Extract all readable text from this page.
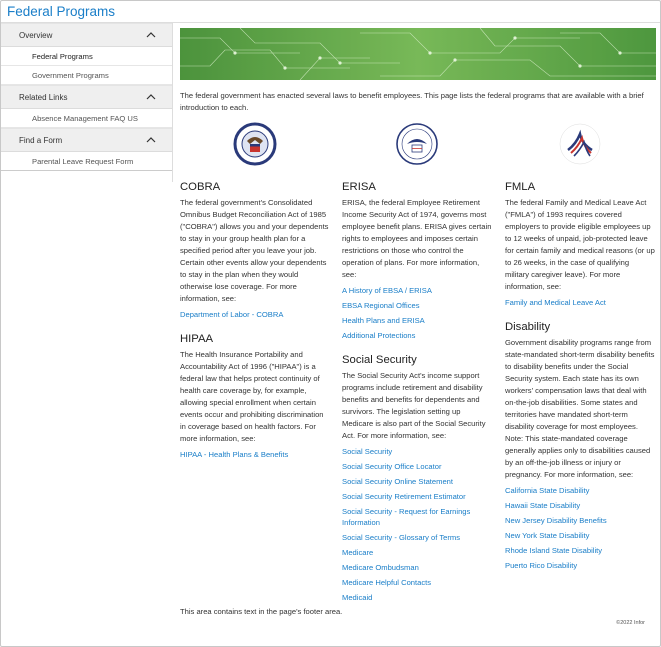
Federal Programs
Overview
Federal Programs
Government Programs
Related Links
Absence Management FAQ US
Find a Form
Parental Leave Request Form

The federal government has enacted several laws to benefit employees. This page lists the federal programs that are available with a brief introduction to each.

COBRA

The federal government's Consolidated Omnibus Budget Reconciliation Act of 1985 ("COBRA") allows you and your dependents to stay in your group health plan for a specified period after you leave your job. Certain other events allow your dependents to stay in the plan when they would otherwise lose coverage. For more information, see:

Department of Labor - COBRA
HIPAA

The Health Insurance Portability and Accountability Act of 1996 ("HIPAA") is a federal law that helps protect continuity of health care coverage by, for example, allowing special enrollment when certain events occur and prohibiting discrimination in coverage based on health factors. For more information, see:

HIPAA - Health Plans & Benefits
ERISA

ERISA, the federal Employee Retirement Income Security Act of 1974, governs most employee benefit plans. ERISA gives certain rights to employees and imposes certain restrictions on those who control the operation of plans. For more information, see:

A History of EBSA / ERISA
EBSA Regional Offices
Health Plans and ERISA
Additional Protections
Social Security

The Social Security Act's income support programs include retirement and disability benefits and benefits for dependents and survivors. The legislation setting up Medicare is also part of the Social Security Act. For more information, see:

Social Security
Social Security Office Locator
Social Security Online Statement
Social Security Retirement Estimator
Social Security - Request for Earnings Information
Social Security - Glossary of Terms
Medicare
Medicare Ombudsman
Medicare Helpful Contacts
Medicaid
FMLA

The federal Family and Medical Leave Act ("FMLA") of 1993 requires covered employers to provide eligible employees up to 12 weeks of unpaid, job-protected leave for certain family and medical reasons (or up to 26 weeks, in the case of qualifying military caregiver leave). For more information, see:

Family and Medical Leave Act
Disability

Government disability programs range from state-mandated short-term disability benefits to disability benefits under the Social Security system. Each state has its own workers' compensation laws that deal with on-the-job disabilities. Some states and territories have mandated short-term disability coverage for most employees. Note: This state-mandated coverage generally applies only to disabilities caused by an off-the-job illness or injury or pregnancy. For more information, see:

California State Disability
Hawaii State Disability
New Jersey Disability Benefits
New York State Disability
Rhode Island State Disability
Puerto Rico Disability
This area contains text in the page's footer area.
©2022 Infor
